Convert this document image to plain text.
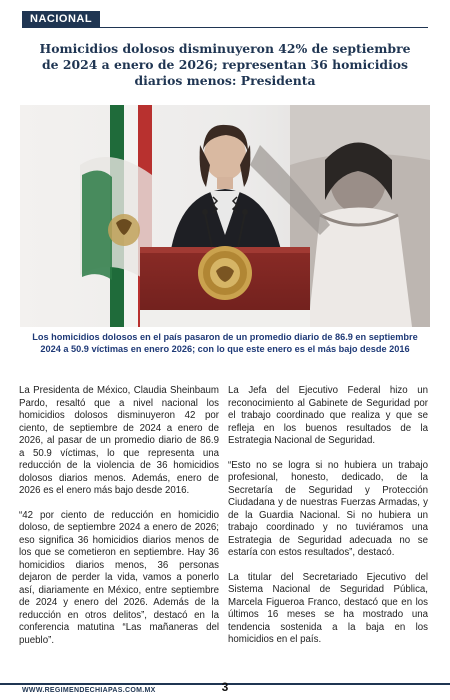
NACIONAL
Homicidios dolosos disminuyeron 42% de septiembre de 2024 a enero de 2026; representan 36 homicidios diarios menos: Presidenta

Los homicidios dolosos en el país pasaron de un promedio diario de 86.9 en septiembre 2024 a 50.9 víctimas en enero 2026; con lo que este enero es el más bajo desde 2016

La Presidenta de México, Claudia Sheinbaum Pardo, resaltó que a nivel nacional los homicidios dolosos disminuyeron 42 por ciento, de septiembre de 2024 a enero de 2026, al pasar de un promedio diario de 86.9 a 50.9 víctimas, lo que representa una reducción de la violencia de 36 homicidios dolosos diarios menos. Además, enero de 2026 es el enero más bajo desde 2016.

“42 por ciento de reducción en homicidio doloso, de septiembre 2024 a enero de 2026; eso significa 36 homicidios diarios menos de los que se cometieron en septiembre. Hay 36 homicidios diarios menos, 36 personas dejaron de perder la vida, vamos a ponerlo así, diariamente en México, entre septiembre de 2024 y enero del 2026. Además de la reducción en otros delitos”, destacó en la conferencia matutina “Las mañaneras del pueblo”.

La Jefa del Ejecutivo Federal hizo un reconocimiento al Gabinete de Seguridad por el trabajo coordinado que realiza y que se refleja en los buenos resultados de la Estrategia Nacional de Seguridad.

“Esto no se logra si no hubiera un trabajo profesional, honesto, dedicado, de la Secretaría de Seguridad y Protección Ciudadana y de nuestras Fuerzas Armadas, y de la Guardia Nacional. Si no hubiera un trabajo coordinado y no tuviéramos una Estrategia de Seguridad adecuada no se estaría con estos resultados”, destacó.

La titular del Secretariado Ejecutivo del Sistema Nacional de Seguridad Pública, Marcela Figueroa Franco, destacó que en los últimos 16 meses se ha mostrado una tendencia sostenida a la baja en los homicidios en el país.

WWW.REGIMENDECHIAPAS.COM.MX	3
